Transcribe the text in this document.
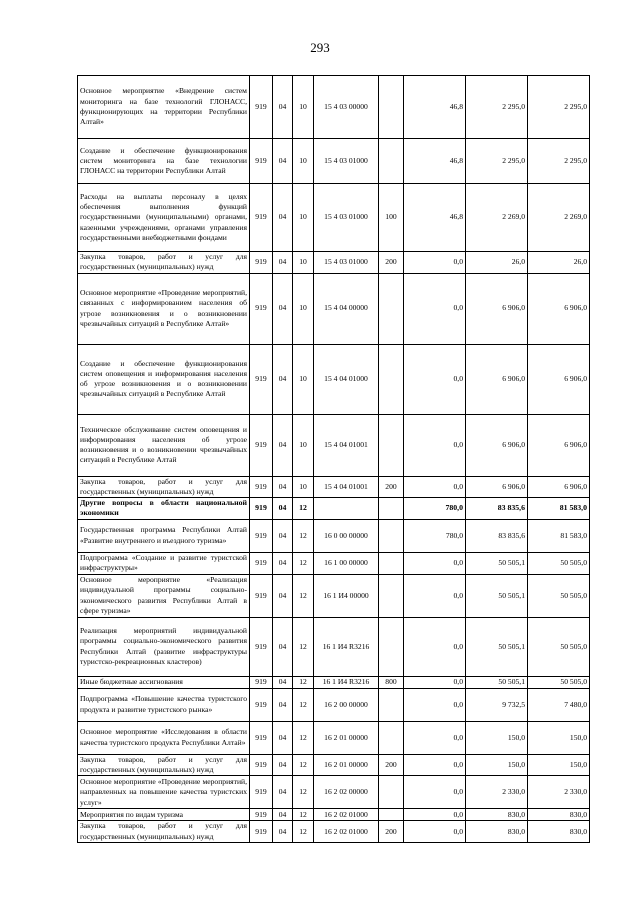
293
Основное мероприятие «Внедрение систем мониторинга на базе технологий ГЛОНАСС, функционирующих на территории Республики Алтай»	919	04	10	15 4 03 00000		46,8	2 295,0	2 295,0
Создание и обеспечение функционирования систем мониторинга на базе технологии ГЛОНАСС на территории Республики Алтай	919	04	10	15 4 03 01000		46,8	2 295,0	2 295,0
Расходы на выплаты персоналу в целях обеспечения выполнения функций государственными (муниципальными) органами, казенными учреждениями, органами управления государственными внебюджетными фондами	919	04	10	15 4 03 01000	100	46,8	2 269,0	2 269,0
Закупка товаров, работ и услуг для государственных (муниципальных) нужд	919	04	10	15 4 03 01000	200	0,0	26,0	26,0
Основное мероприятие «Проведение мероприятий, связанных с информированием населения об угрозе возникновения и о возникновении чрезвычайных ситуаций в Республике Алтай»	919	04	10	15 4 04 00000		0,0	6 906,0	6 906,0
Создание и обеспечение функционирования систем оповещения и информирования населения об угрозе возникновения и о возникновении чрезвычайных ситуаций в Республике Алтай	919	04	10	15 4 04 01000		0,0	6 906,0	6 906,0
Техническое обслуживание систем оповещения и информирования населения об угрозе возникновения и о возникновении чрезвычайных ситуаций в Республике Алтай	919	04	10	15 4 04 01001		0,0	6 906,0	6 906,0
Закупка товаров, работ и услуг для государственных (муниципальных) нужд	919	04	10	15 4 04 01001	200	0,0	6 906,0	6 906,0
Другие вопросы в области национальной экономики	919	04	12			780,0	83 835,6	81 583,0
Государственная программа Республики Алтай «Развитие внутреннего и въездного туризма»	919	04	12	16 0 00 00000		780,0	83 835,6	81 583,0
Подпрограмма «Создание и развитие туристской инфраструктуры»	919	04	12	16 1 00 00000		0,0	50 505,1	50 505,0
Основное мероприятие «Реализация индивидуальной программы социально-экономического развития Республики Алтай в сфере туризма»	919	04	12	16 1 И4 00000		0,0	50 505,1	50 505,0
Реализация мероприятий индивидуальной программы социально-экономического развития Республики Алтай (развитие инфраструктуры туристско-рекреационных кластеров)	919	04	12	16 1 И4 R3216		0,0	50 505,1	50 505,0
Иные бюджетные ассигнования	919	04	12	16 1 И4 R3216	800	0,0	50 505,1	50 505,0
Подпрограмма «Повышение качества туристского продукта и развитие туристского рынка»	919	04	12	16 2 00 00000		0,0	9 732,5	7 480,0
Основное мероприятие «Исследования в области качества туристского продукта Республики Алтай»	919	04	12	16 2 01 00000		0,0	150,0	150,0
Закупка товаров, работ и услуг для государственных (муниципальных) нужд	919	04	12	16 2 01 00000	200	0,0	150,0	150,0
Основное мероприятие «Проведение мероприятий, направленных на повышение качества туристских услуг»	919	04	12	16 2 02 00000		0,0	2 330,0	2 330,0
Мероприятия по видам туризма	919	04	12	16 2 02 01000		0,0	830,0	830,0
Закупка товаров, работ и услуг для государственных (муниципальных) нужд	919	04	12	16 2 02 01000	200	0,0	830,0	830,0
